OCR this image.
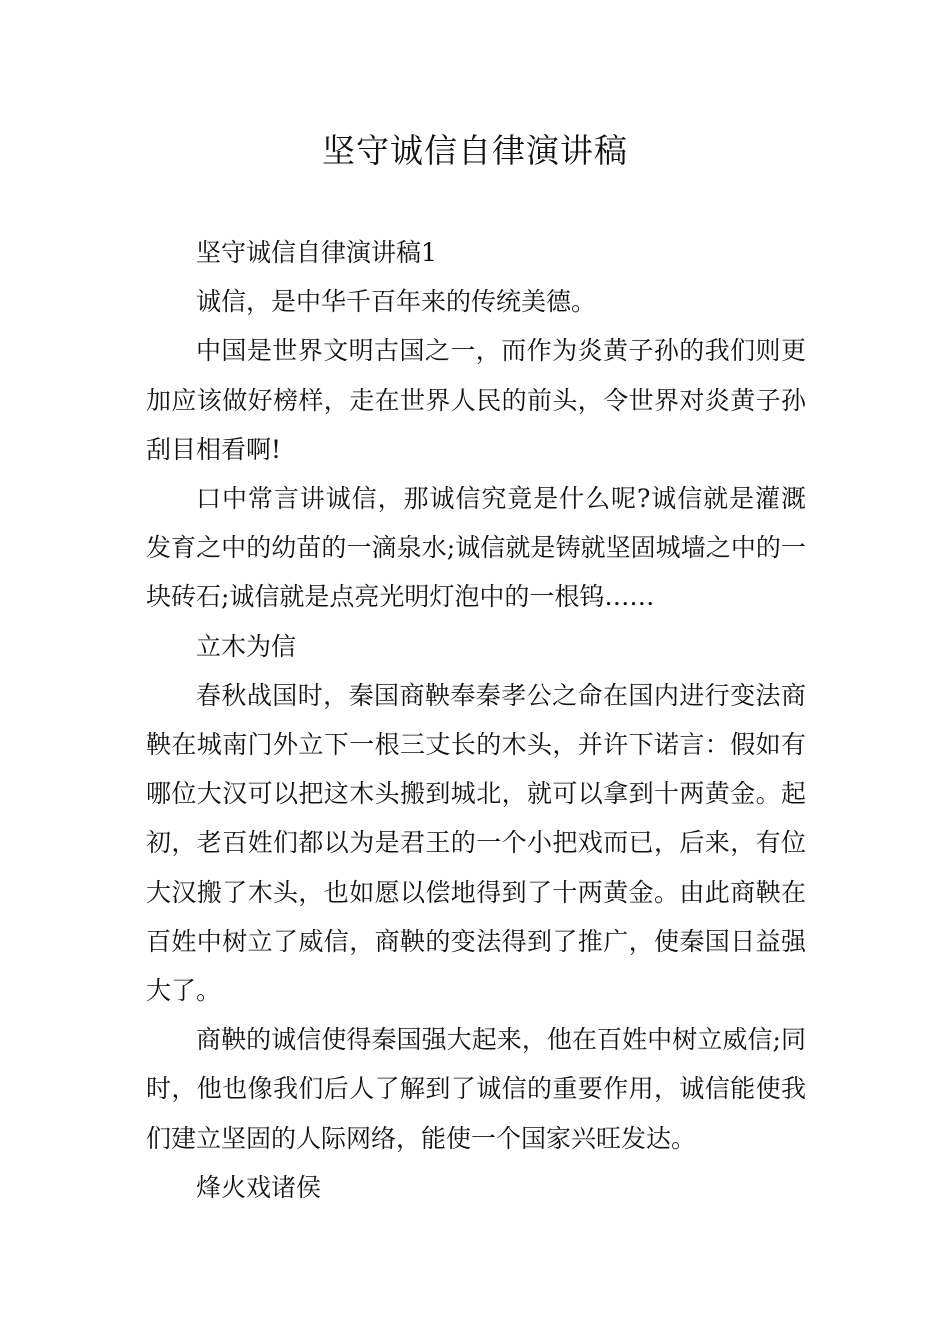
坚守诚信自律演讲稿

坚守诚信自律演讲稿1

诚信，是中华千百年来的传统美德。

中国是世界文明古国之一，而作为炎黄子孙的我们则更加应该做好榜样，走在世界人民的前头，令世界对炎黄子孙刮目相看啊!

口中常言讲诚信，那诚信究竟是什么呢?诚信就是灌溉发育之中的幼苗的一滴泉水;诚信就是铸就坚固城墙之中的一块砖石;诚信就是点亮光明灯泡中的一根钨……

立木为信

春秋战国时，秦国商鞅奉秦孝公之命在国内进行变法商鞅在城南门外立下一根三丈长的木头，并许下诺言：假如有哪位大汉可以把这木头搬到城北，就可以拿到十两黄金。起初，老百姓们都以为是君王的一个小把戏而已，后来，有位大汉搬了木头，也如愿以偿地得到了十两黄金。由此商鞅在百姓中树立了威信，商鞅的变法得到了推广，使秦国日益强大了。

商鞅的诚信使得秦国强大起来，他在百姓中树立威信;同时，他也像我们后人了解到了诚信的重要作用，诚信能使我们建立坚固的人际网络，能使一个国家兴旺发达。

烽火戏诸侯
